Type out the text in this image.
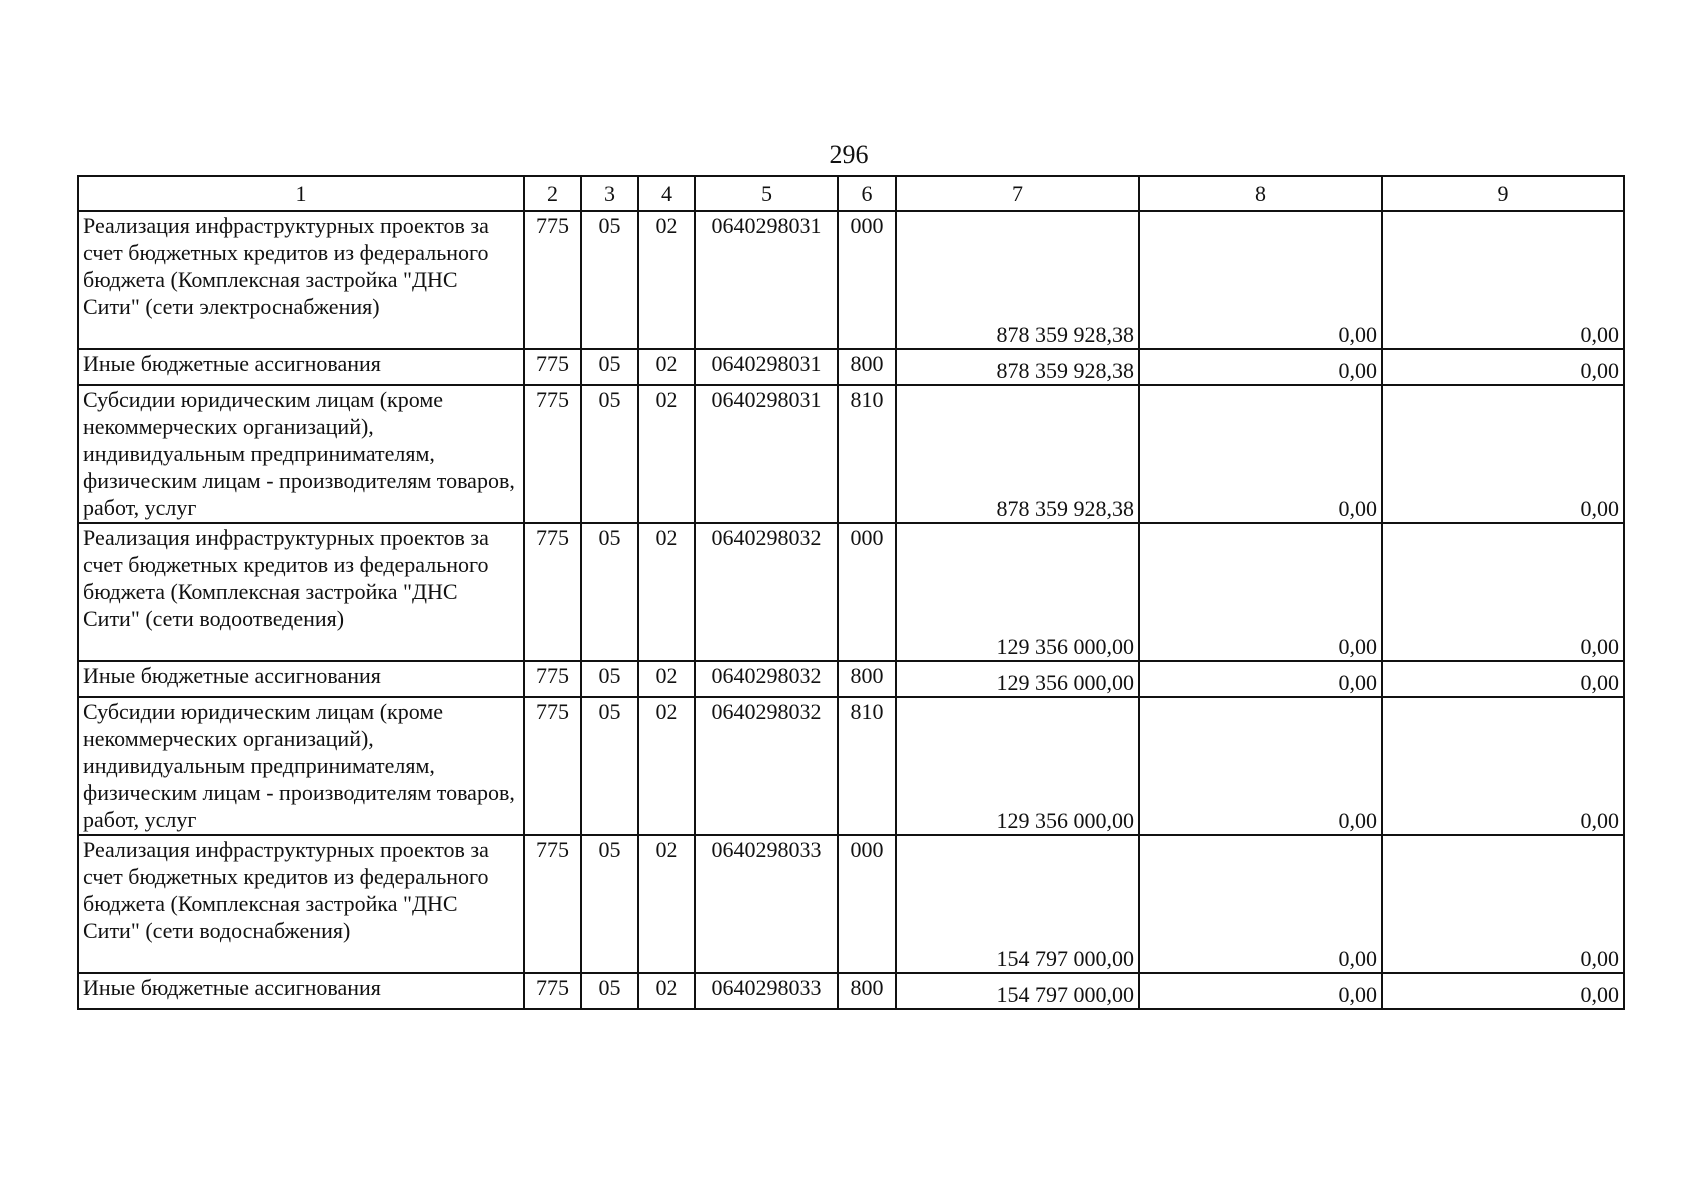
296
1	2	3	4	5	6	7	8	9
Реализация инфраструктурных проектов за счет бюджетных кредитов из федерального бюджета (Комплексная застройка "ДНС Сити" (сети электроснабжения)	775	05	02	0640298031	000	878 359 928,38	0,00	0,00
Иные бюджетные ассигнования	775	05	02	0640298031	800	878 359 928,38	0,00	0,00
Субсидии юридическим лицам (кроме некоммерческих организаций), индивидуальным предпринимателям, физическим лицам - производителям товаров, работ, услуг	775	05	02	0640298031	810	878 359 928,38	0,00	0,00
Реализация инфраструктурных проектов за счет бюджетных кредитов из федерального бюджета (Комплексная застройка "ДНС Сити" (сети водоотведения)	775	05	02	0640298032	000	129 356 000,00	0,00	0,00
Иные бюджетные ассигнования	775	05	02	0640298032	800	129 356 000,00	0,00	0,00
Субсидии юридическим лицам (кроме некоммерческих организаций), индивидуальным предпринимателям, физическим лицам - производителям товаров, работ, услуг	775	05	02	0640298032	810	129 356 000,00	0,00	0,00
Реализация инфраструктурных проектов за счет бюджетных кредитов из федерального бюджета (Комплексная застройка "ДНС Сити" (сети водоснабжения)	775	05	02	0640298033	000	154 797 000,00	0,00	0,00
Иные бюджетные ассигнования	775	05	02	0640298033	800	154 797 000,00	0,00	0,00
